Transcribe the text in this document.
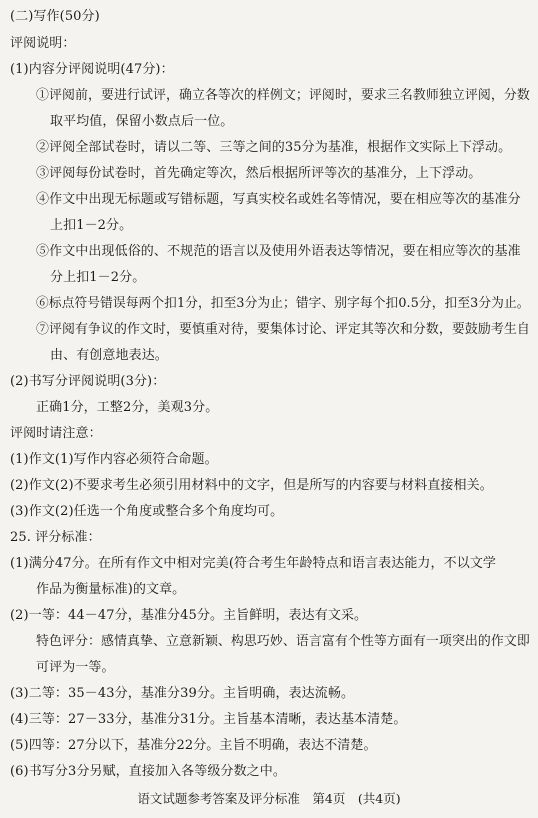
(二)写作(50分)
评阅说明：
(1)内容分评阅说明(47分)：
①评阅前，要进行试评，确立各等次的样例文；评阅时，要求三名教师独立评阅，分数
取平均值，保留小数点后一位。
②评阅全部试卷时，请以二等、三等之间的35分为基准，根据作文实际上下浮动。
③评阅每份试卷时，首先确定等次，然后根据所评等次的基准分，上下浮动。
④作文中出现无标题或写错标题，写真实校名或姓名等情况，要在相应等次的基准分
上扣1－2分。
⑤作文中出现低俗的、不规范的语言以及使用外语表达等情况，要在相应等次的基准
分上扣1－2分。
⑥标点符号错误每两个扣1分，扣至3分为止；错字、别字每个扣0.5分，扣至3分为止。
⑦评阅有争议的作文时，要慎重对待，要集体讨论、评定其等次和分数，要鼓励考生自
由、有创意地表达。
(2)书写分评阅说明(3分)：
正确1分，工整2分，美观3分。
评阅时请注意：
(1)作文(1)写作内容必须符合命题。
(2)作文(2)不要求考生必须引用材料中的文字，但是所写的内容要与材料直接相关。
(3)作文(2)任选一个角度或整合多个角度均可。
25. 评分标准：
(1)满分47分。在所有作文中相对完美(符合考生年龄特点和语言表达能力，不以文学
作品为衡量标准)的文章。
(2)一等：44－47分，基准分45分。主旨鲜明，表达有文采。
特色评分：感情真挚、立意新颖、构思巧妙、语言富有个性等方面有一项突出的作文即
可评为一等。
(3)二等：35－43分，基准分39分。主旨明确，表达流畅。
(4)三等：27－33分，基准分31分。主旨基本清晰，表达基本清楚。
(5)四等：27分以下，基准分22分。主旨不明确，表达不清楚。
(6)书写分3分另赋，直接加入各等级分数之中。
语文试题参考答案及评分标准　第4页　(共4页)
